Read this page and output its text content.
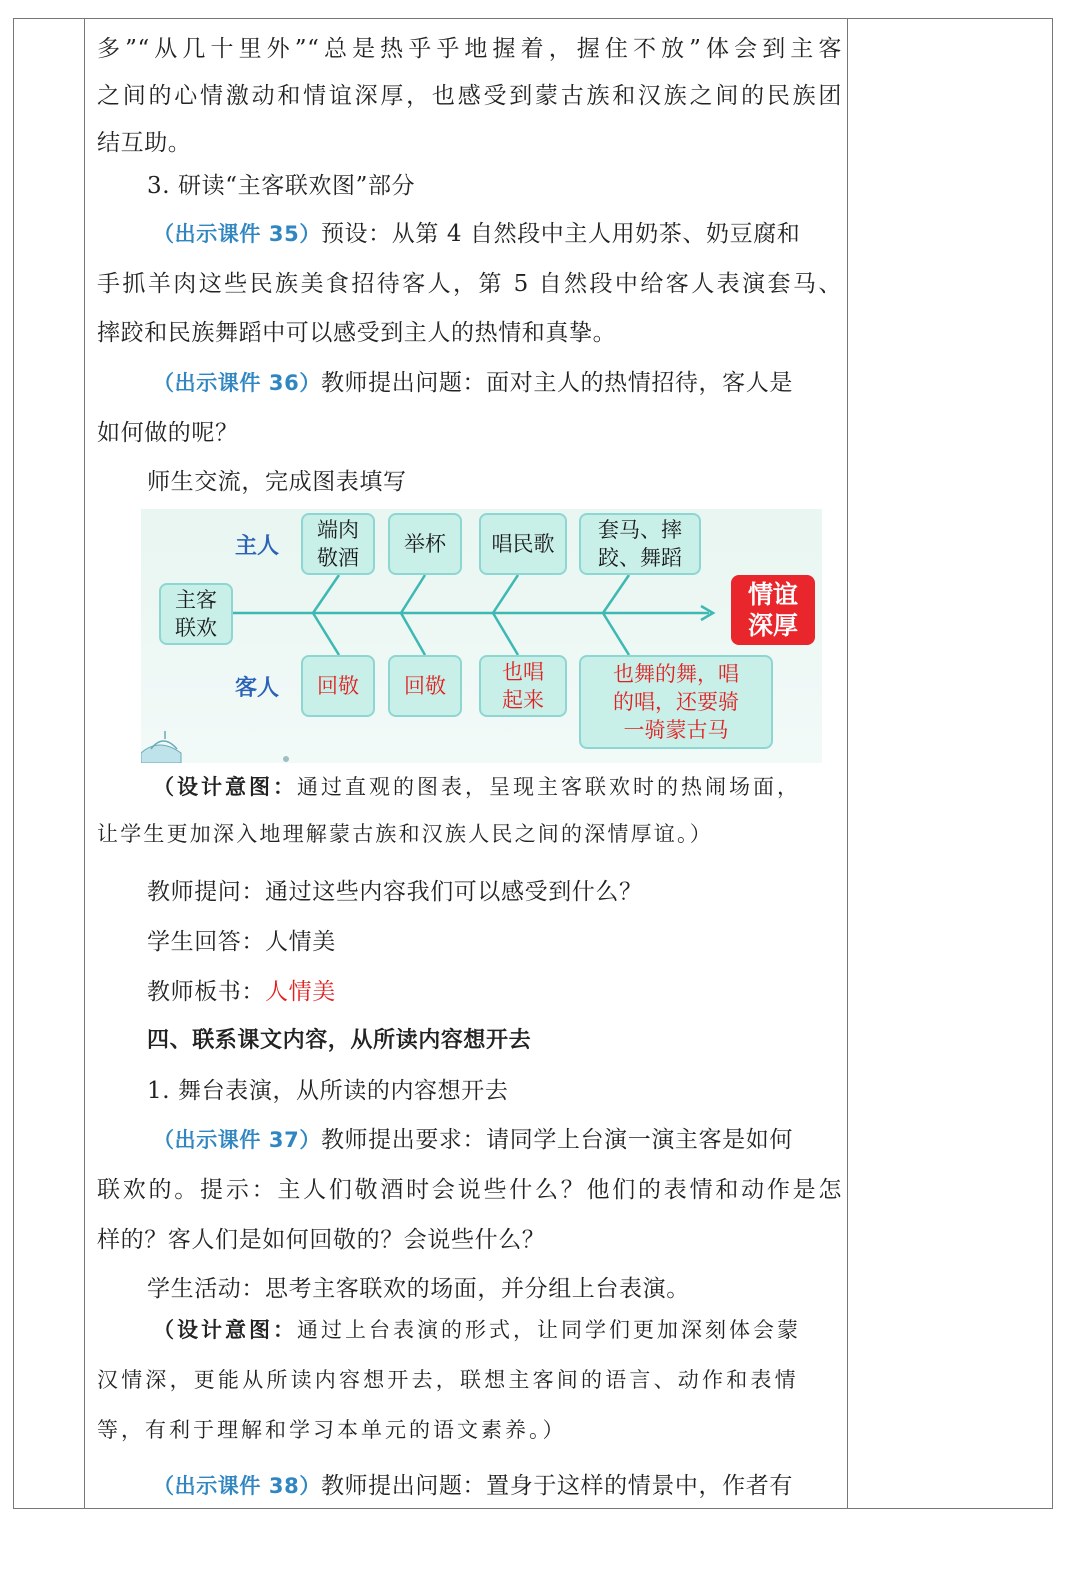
多”“从几十里外”“总是热乎乎地握着，握住不放”体会到主客
之间的心情激动和情谊深厚，也感受到蒙古族和汉族之间的民族团
结互助。
3. 研读“主客联欢图”部分
（出示课件 35）预设：从第 4 自然段中主人用奶茶、奶豆腐和
手抓羊肉这些民族美食招待客人，第 5 自然段中给客人表演套马、
摔跤和民族舞蹈中可以感受到主人的热情和真挚。
（出示课件 36）教师提出问题：面对主人的热情招待，客人是
如何做的呢？
师生交流，完成图表填写
（设计意图：通过直观的图表，呈现主客联欢时的热闹场面，
让学生更加深入地理解蒙古族和汉族人民之间的深情厚谊。）
教师提问：通过这些内容我们可以感受到什么？
学生回答：人情美
教师板书：人情美
四、联系课文内容，从所读内容想开去
1. 舞台表演，从所读的内容想开去
（出示课件 37）教师提出要求：请同学上台演一演主客是如何
联欢的。提示：主人们敬酒时会说些什么？他们的表情和动作是怎
样的？客人们是如何回敬的？会说些什么？
学生活动：思考主客联欢的场面，并分组上台表演。
（设计意图：通过上台表演的形式，让同学们更加深刻体会蒙
汉情深，更能从所读内容想开去，联想主客间的语言、动作和表情
等，有利于理解和学习本单元的语文素养。）
（出示课件 38）教师提出问题：置身于这样的情景中，作者有
主人
客人
主客
联欢
端肉
敬酒
举杯	唱民歌
套马、摔
跤、舞蹈
回敬	回敬
也唱
起来
也舞的舞，唱
的唱，还要骑
一骑蒙古马
情谊
深厚
